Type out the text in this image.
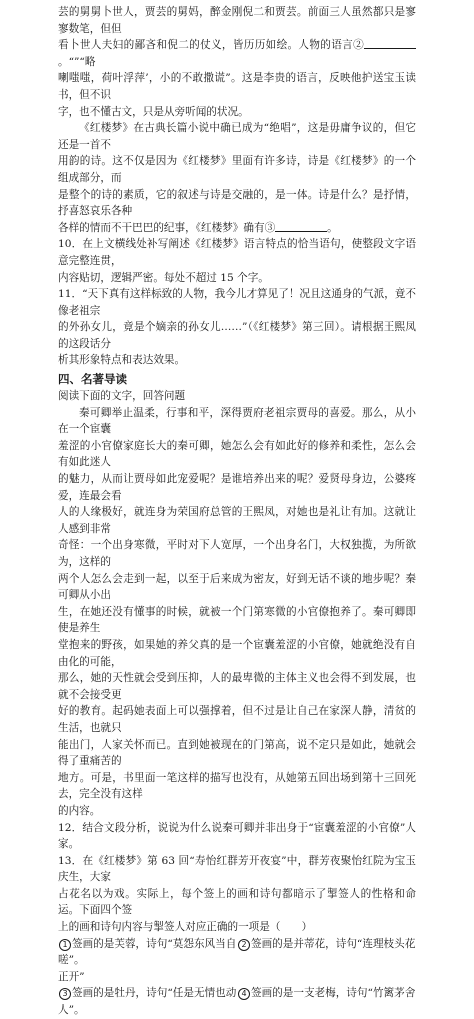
芸的舅舅卜世人，贾芸的舅妈，醉金刚倪二和贾芸。前面三人虽然都只是寥寥数笔，但但

看卜世人夫妇的鄙吝和倪二的仗义，皆历历如绘。人物的语言②。“”“略

喇嗤嗤，荷叶浮萍’，小的不敢撒谎”。这是李贵的语言，反映他护送宝玉读书，但不识

字，也不懂古文，只是从旁听闻的状况。

《红楼梦》在古典长篇小说中确已成为“绝唱”，这是毋庸争议的，但它还是一首不

用韵的诗。这不仅是因为《红楼梦》里面有许多诗，诗是《红楼梦》的一个组成部分，而

是整个的诗的素质，它的叙述与诗是交融的，是一体。诗是什么？是抒情，抒喜怒哀乐各种

各样的情而不干巴巴的纪事，《红楼梦》确有③	。

10．在上文横线处补写阐述《红楼梦》语言特点的恰当语句，使整段文字语意完整连贯，

内容贴切，逻辑严密。每处不超过 15 个字。

11．“天下真有这样标致的人物，我今儿才算见了！况且这通身的气派，竟不像老祖宗

的外孙女儿，竟是个嫡亲的孙女儿……”（《红楼梦》第三回）。请根据王熙凤的这段话分

析其形象特点和表达效果。

四、名著导读

阅读下面的文字，回答问题

秦可卿举止温柔，行事和平，深得贾府老祖宗贾母的喜爱。那么，从小在一个宦囊

羞涩的小官僚家庭长大的秦可卿，她怎么会有如此好的修养和柔性，怎么会有如此迷人

的魅力，从而让贾母如此宠爱呢？是谁培养出来的呢？爱贤母身边，公婆疼爱，连最会看

人的人缘极好，就连身为荣国府总管的王熙凤，对她也是礼让有加。这就让人感到非常

奇怪：一个出身寒微，平时对下人宽厚，一个出身名门，大权独揽，为所欲为，这样的

两个人怎么会走到一起，以至于后来成为密友，好到无话不谈的地步呢？秦可卿从小出

生，在她还没有懂事的时候，就被一个门第寒微的小官僚抱养了。秦可卿即使是养生

堂抱来的野孩，如果她的养父真的是一个宦囊羞涩的小官僚，她就绝没有自由化的可能，

那么，她的天性就会受到压抑，人的最卑微的主体主义也会得不到发展，也就不会接受更

好的教育。起码她表面上可以强撑着，但不过是让自己在家深人静，清贫的生活，也就只

能出门，人家关怀而已。直到她被现在的门第高，说不定只是如此，她就会得了重痛苦的

地方。可是，书里面一笔这样的描写也没有，从她第五回出场到第十三回死去，完全没有这样

的内容。

12．结合文段分析，说说为什么说秦可卿并非出身于“宦囊羞涩的小官僚”人家。

13．在《红楼梦》第 63 回“寿怡红群芳开夜宴”中，群芳夜聚怡红院为宝玉庆生，大家

占花名以为戏。实际上，每个签上的画和诗句都暗示了掣签人的性格和命运。下面四个签

上的画和诗句内容与掣签人对应正确的一项是（　　）

1 签画的是芙蓉，诗句“莫怨东风当自嗟”。
2 签画的是并蒂花，诗句“连理枝头花

正开”

3 签画的是牡丹，诗句“任是无情也动人”。
4 签画的是一支老梅，诗句“竹篱茅舍
